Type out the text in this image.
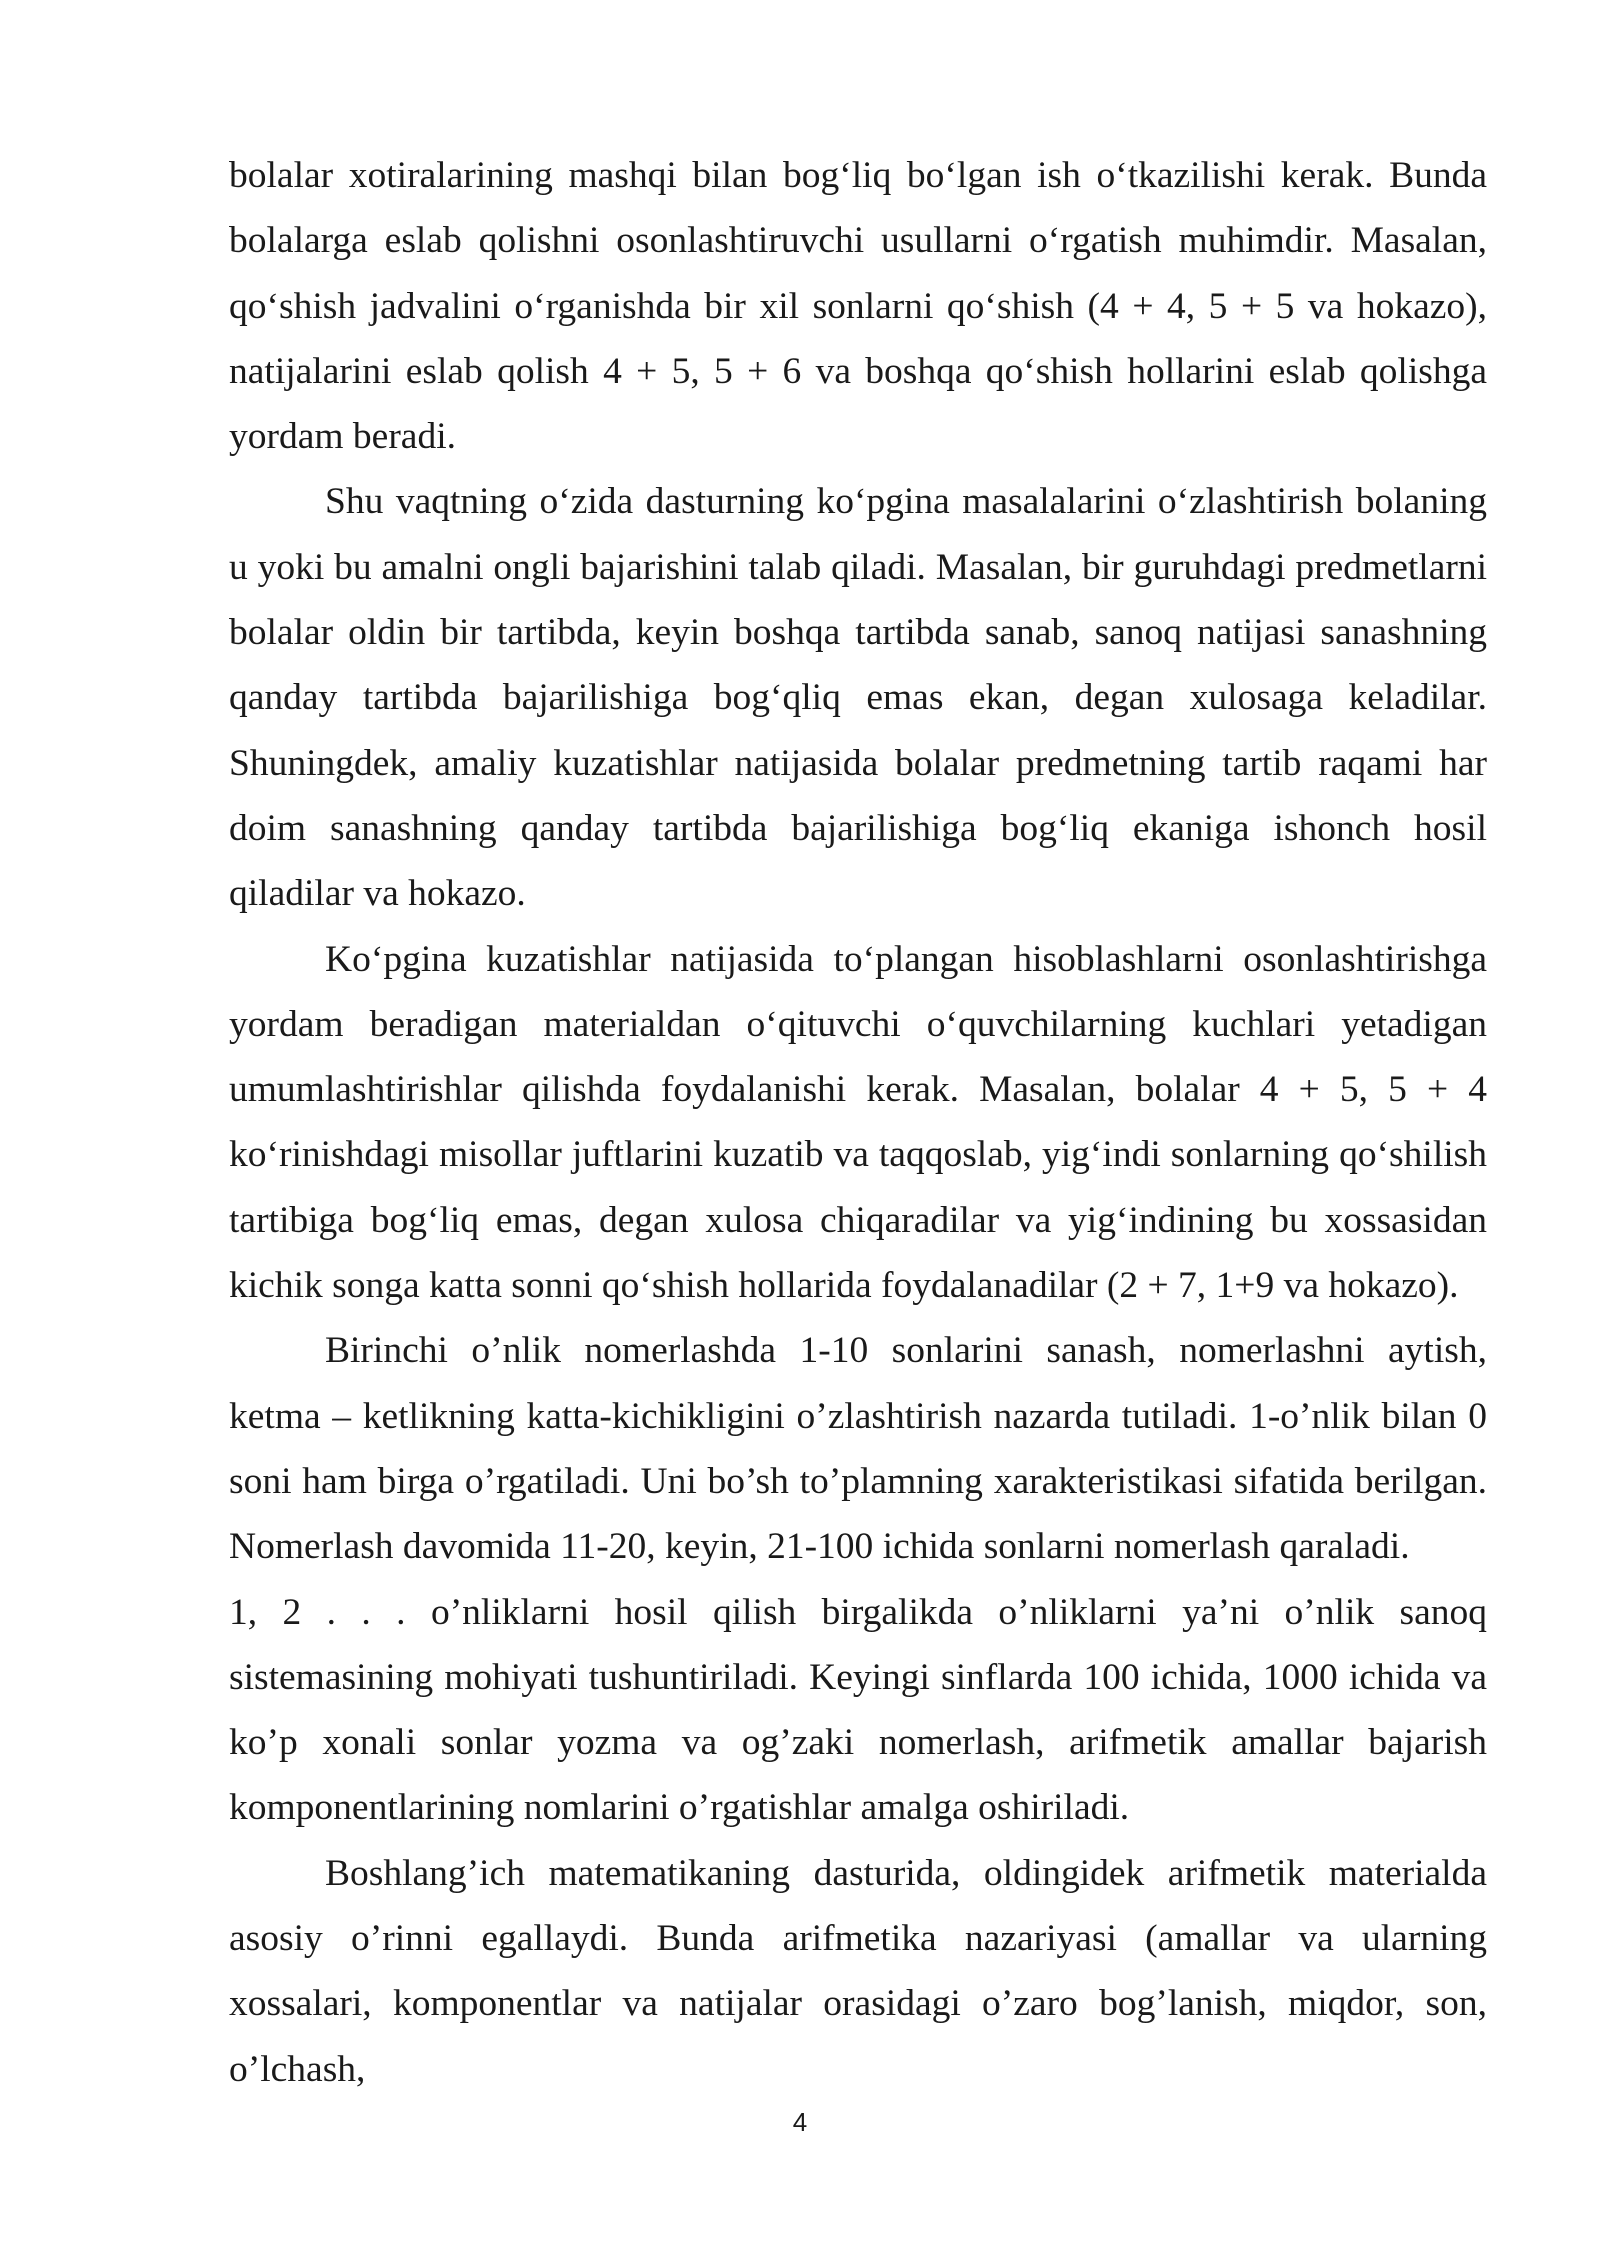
bolalar xotiralarining mashqi bilan bog‘liq bo‘lgan ish o‘tkazilishi kerak. Bunda bolalarga eslab qolishni osonlashtiruvchi usullarni o‘rgatish muhimdir. Masalan, qo‘shish jadvalini o‘rganishda bir xil sonlarni qo‘shish (4 + 4, 5 + 5 va hokazo), natijalarini eslab qolish 4 + 5, 5 + 6 va boshqa qo‘shish hollarini eslab qolishga yordam beradi.

Shu vaqtning o‘zida dasturning ko‘pgina masalalarini o‘zlashtirish bolaning u yoki bu amalni ongli bajarishini talab qiladi. Masalan, bir guruhdagi predmetlarni bolalar oldin bir tartibda, keyin boshqa tartibda sanab, sanoq natijasi sanashning qanday tartibda bajarilishiga bog‘qliq emas ekan, degan xulosaga keladilar. Shuningdek, amaliy kuzatishlar natijasida bolalar predmetning tartib raqami har doim sanashning qanday tartibda bajarilishiga bog‘liq ekaniga ishonch hosil qiladilar va hokazo.

Ko‘pgina kuzatishlar natijasida to‘plangan hisoblashlarni osonlashtirishga yordam beradigan materialdan o‘qituvchi o‘quvchilarning kuchlari yetadigan umumlashtirishlar qilishda foydalanishi kerak. Masalan, bolalar 4 + 5, 5 + 4 ko‘rinishdagi misollar juftlarini kuzatib va taqqoslab, yig‘indi sonlarning qo‘shilish tartibiga bog‘liq emas, degan xulosa chiqaradilar va yig‘indining bu xossasidan kichik songa katta sonni qo‘shish hollarida foydalanadilar (2 + 7, 1+9 va hokazo).

Birinchi o’nlik nomerlashda 1-10 sonlarini sanash, nomerlashni aytish, ketma – ketlikning katta-kichikligini o’zlashtirish nazarda tutiladi. 1-o’nlik bilan 0 soni ham birga o’rgatiladi. Uni bo’sh to’plamning xarakteristikasi sifatida berilgan. Nomerlash davomida 11-20, keyin, 21-100 ichida sonlarni nomerlash qaraladi.

1, 2 . . . o’nliklarni hosil qilish birgalikda o’nliklarni ya’ni o’nlik sanoq sistemasining mohiyati tushuntiriladi. Keyingi sinflarda 100 ichida, 1000 ichida va ko’p xonali sonlar yozma va og’zaki nomerlash, arifmetik amallar bajarish komponentlarining nomlarini o’rgatishlar amalga oshiriladi.

Boshlang’ich matematikaning dasturida, oldingidek arifmetik materialda asosiy o’rinni egallaydi. Bunda arifmetika nazariyasi (amallar va ularning xossalari, komponentlar va natijalar orasidagi o’zaro bog’lanish, miqdor, son, o’lchash,

4
